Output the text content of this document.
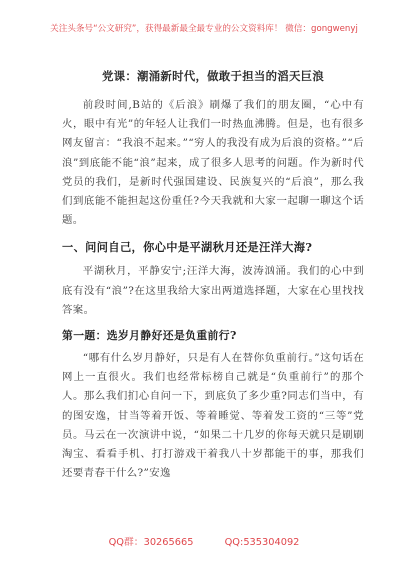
关注头条号“公文研究”，获得最新最全最专业的公文资料库！ 微信：gongwenyj
党课：潮涌新时代，做敢于担当的滔天巨浪

前段时间,B站的《后浪》刷爆了我们的朋友圈，“心中有火，眼中有光”的年轻人让我们一时热血沸腾。但是，也有很多网友留言：“我浪不起来。”“穷人的我没有成为后浪的资格。”“后浪”到底能不能“浪”起来，成了很多人思考的问题。作为新时代党员的我们，是新时代强国建设、民族复兴的“后浪”，那么我们到底能不能担起这份重任?今天我就和大家一起聊一聊这个话题。

一、问问自己，你心中是平湖秋月还是汪洋大海?

平湖秋月，平静安宁;汪洋大海，波涛汹涌。我们的心中到底有没有“浪”?在这里我给大家出两道选择题，大家在心里找找答案。

第一题：选岁月静好还是负重前行?

“哪有什么岁月静好，只是有人在替你负重前行。”这句话在网上一直很火。我们也经常标榜自己就是“负重前行”的那个人。那么我们扪心自问一下，到底负了多少重?同志们当中，有的图安逸，甘当等着开饭、等着睡觉、等着发工资的“三等”党员。马云在一次演讲中说，“如果二十几岁的你每天就只是刷刷淘宝、看看手机、打打游戏干着我八十岁都能干的事，那我们还要青春干什么?”安逸

QQ群：30265665	QQ:535304092
